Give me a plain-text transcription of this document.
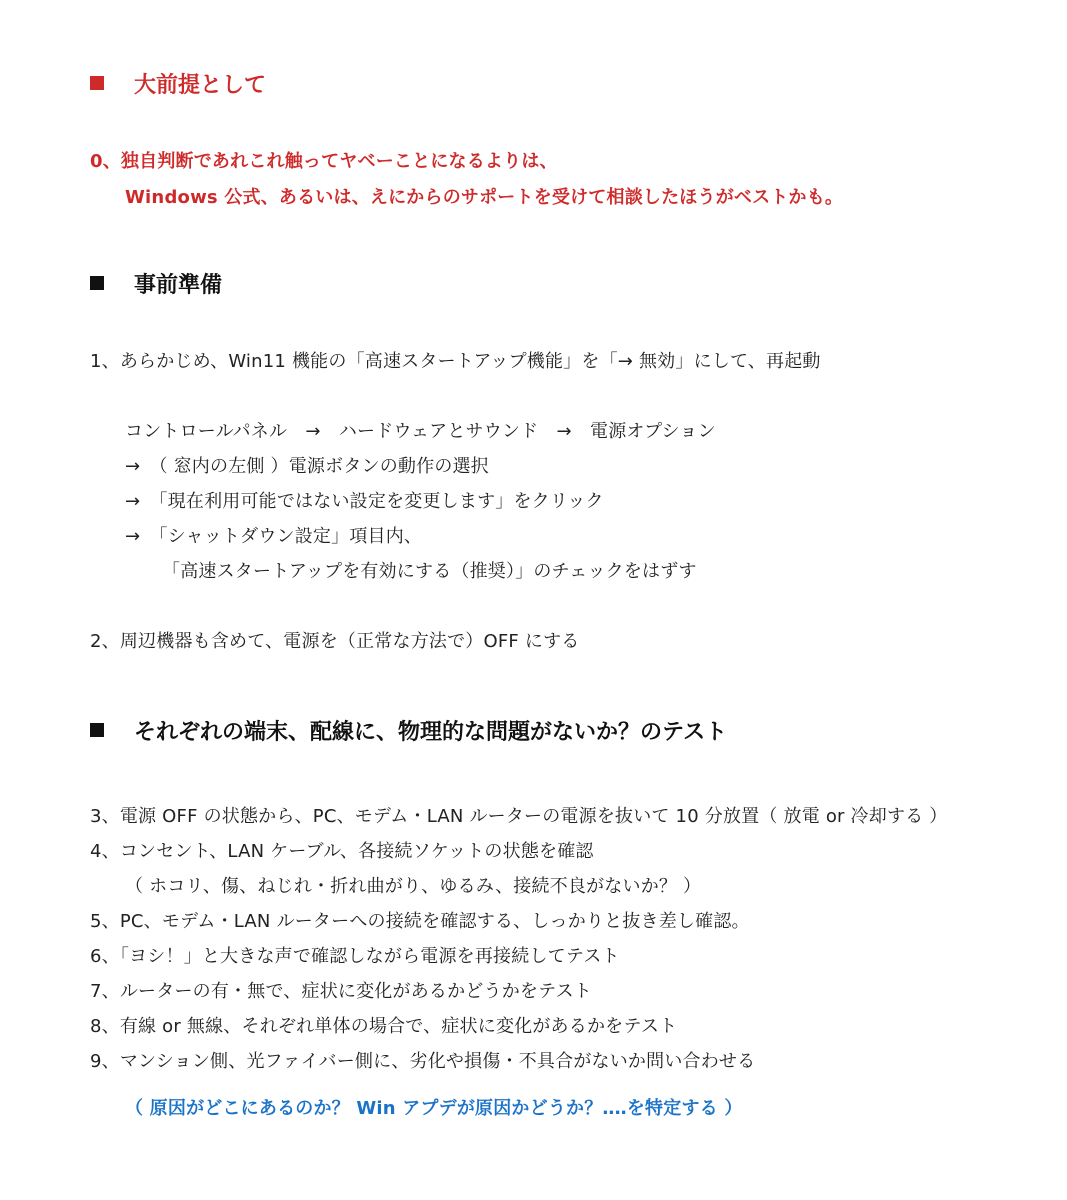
大前提として
0、独自判断であれこれ触ってヤベーことになるよりは、
Windows 公式、あるいは、えにからのサポートを受けて相談したほうがベストかも。
事前準備
1、あらかじめ、Win11 機能の「高速スタートアップ機能」を「→ 無効」にして、再起動
コントロールパネル　→　ハードウェアとサウンド　→　電源オプション
→　（ 窓内の左側 ）電源ボタンの動作の選択
→　「現在利用可能ではない設定を変更します」をクリック
→　「シャットダウン設定」項目内、
「高速スタートアップを有効にする（推奨）」のチェックをはずす
2、周辺機器も含めて、電源を（正常な方法で）OFF にする
それぞれの端末、配線に、物理的な問題がないか？のテスト
3、電源 OFF の状態から、PC、モデム・LAN ルーターの電源を抜いて 10 分放置（ 放電 or 冷却する ）
4、コンセント、LAN ケーブル、各接続ソケットの状態を確認
（ ホコリ、傷、ねじれ・折れ曲がり、ゆるみ、接続不良がないか？ ）
5、PC、モデム・LAN ルーターへの接続を確認する、しっかりと抜き差し確認。
6、「ヨシ！」と大きな声で確認しながら電源を再接続してテスト
7、ルーターの有・無で、症状に変化があるかどうかをテスト
8、有線 or 無線、それぞれ単体の場合で、症状に変化があるかをテスト
9、マンション側、光ファイバー側に、劣化や損傷・不具合がないか問い合わせる
（ 原因がどこにあるのか？ Win アプデが原因かどうか？‥‥を特定する ）
